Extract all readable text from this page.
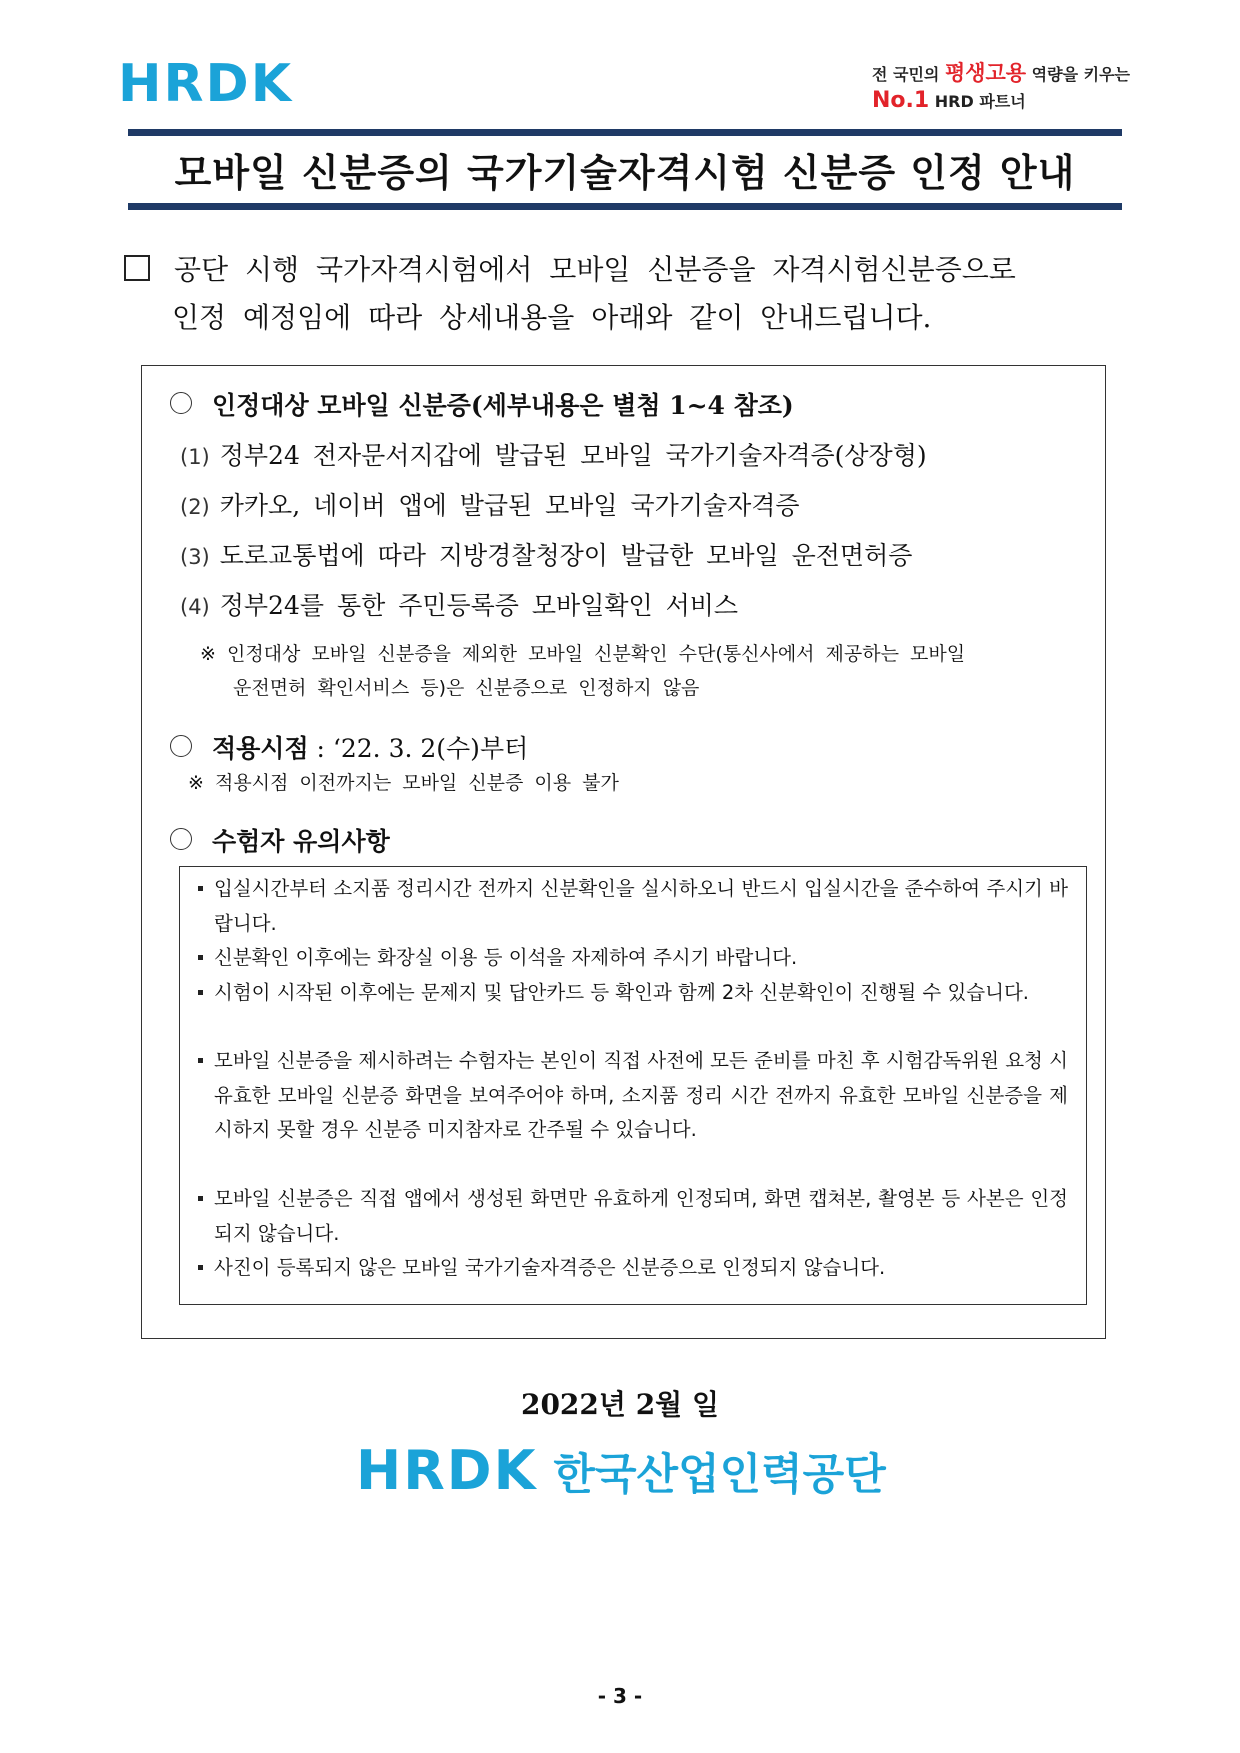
HRDK	전 국민의 평생고용 역량을 키우는
No.1 HRD 파트너
모바일 신분증의 국가기술자격시험 신분증 인정 안내
공단 시행 국가자격시험에서 모바일 신분증을 자격시험신분증으로
인정 예정임에 따라 상세내용을 아래와 같이 안내드립니다.
인정대상 모바일 신분증(세부내용은 별첨 1~4 참조)
(1) 정부24 전자문서지갑에 발급된 모바일 국가기술자격증(상장형)
(2) 카카오, 네이버 앱에 발급된 모바일 국가기술자격증
(3) 도로교통법에 따라 지방경찰청장이 발급한 모바일 운전면허증
(4) 정부24를 통한 주민등록증 모바일확인 서비스
※ 인정대상 모바일 신분증을 제외한 모바일 신분확인 수단(통신사에서 제공하는 모바일
운전면허 확인서비스 등)은 신분증으로 인정하지 않음
적용시점 : ‘22. 3. 2(수)부터
※ 적용시점 이전까지는 모바일 신분증 이용 불가
수험자 유의사항
입실시간부터 소지품 정리시간 전까지 신분확인을 실시하오니 반드시 입실시간을 준수하여 주시기 바랍니다.
신분확인 이후에는 화장실 이용 등 이석을 자제하여 주시기 바랍니다.
시험이 시작된 이후에는 문제지 및 답안카드 등 확인과 함께 2차 신분확인이 진행될 수 있습니다.
모바일 신분증을 제시하려는 수험자는 본인이 직접 사전에 모든 준비를 마친 후 시험감독위원 요청 시 유효한 모바일 신분증 화면을 보여주어야 하며, 소지품 정리 시간 전까지 유효한 모바일 신분증을 제시하지 못할 경우 신분증 미지참자로 간주될 수 있습니다.
모바일 신분증은 직접 앱에서 생성된 화면만 유효하게 인정되며, 화면 캡쳐본, 촬영본 등 사본은 인정되지 않습니다.
사진이 등록되지 않은 모바일 국가기술자격증은 신분증으로 인정되지 않습니다.
2022년 2월 일
HRDK 한국산업인력공단
- 3 -
